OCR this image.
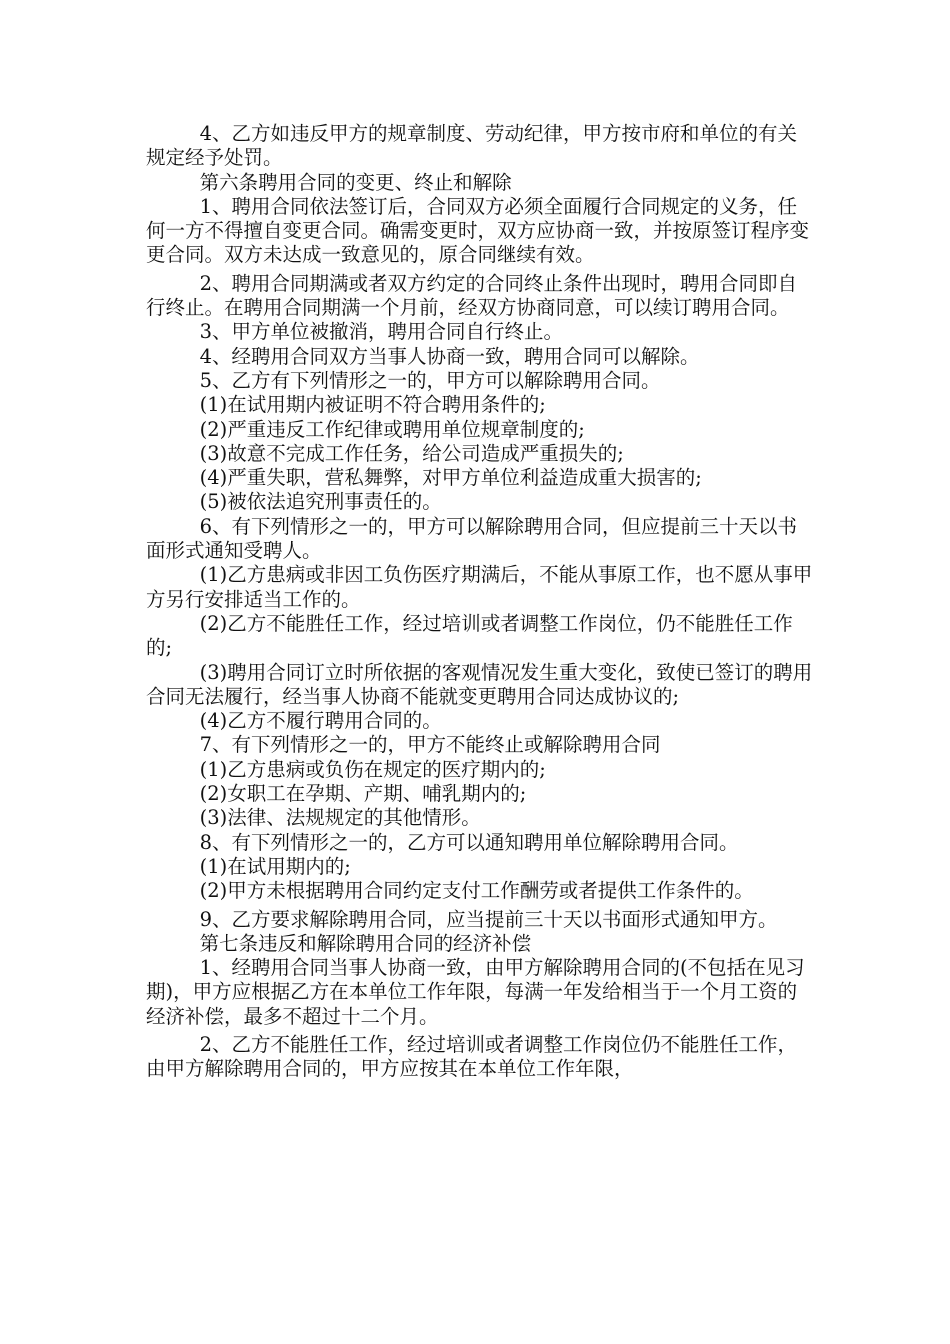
4、乙方如违反甲方的规章制度、劳动纪律，甲方按市府和单位的有关规定经予处罚。

第六条聘用合同的变更、终止和解除

1、聘用合同依法签订后，合同双方必须全面履行合同规定的义务，任何一方不得擅自变更合同。确需变更时，双方应协商一致，并按原签订程序变更合同。双方未达成一致意见的，原合同继续有效。

2、聘用合同期满或者双方约定的合同终止条件出现时，聘用合同即自行终止。在聘用合同期满一个月前，经双方协商同意，可以续订聘用合同。

3、甲方单位被撤消，聘用合同自行终止。

4、经聘用合同双方当事人协商一致，聘用合同可以解除。

5、乙方有下列情形之一的，甲方可以解除聘用合同。

(1)在试用期内被证明不符合聘用条件的;

(2)严重违反工作纪律或聘用单位规章制度的;

(3)故意不完成工作任务，给公司造成严重损失的;

(4)严重失职，营私舞弊，对甲方单位利益造成重大损害的;

(5)被依法追究刑事责任的。

6、有下列情形之一的，甲方可以解除聘用合同，但应提前三十天以书面形式通知受聘人。

(1)乙方患病或非因工负伤医疗期满后，不能从事原工作，也不愿从事甲方另行安排适当工作的。

(2)乙方不能胜任工作，经过培训或者调整工作岗位，仍不能胜任工作的;

(3)聘用合同订立时所依据的客观情况发生重大变化，致使已签订的聘用合同无法履行，经当事人协商不能就变更聘用合同达成协议的;

(4)乙方不履行聘用合同的。

7、有下列情形之一的，甲方不能终止或解除聘用合同

(1)乙方患病或负伤在规定的医疗期内的;

(2)女职工在孕期、产期、哺乳期内的;

(3)法律、法规规定的其他情形。

8、有下列情形之一的，乙方可以通知聘用单位解除聘用合同。

(1)在试用期内的;

(2)甲方未根据聘用合同约定支付工作酬劳或者提供工作条件的。

9、乙方要求解除聘用合同，应当提前三十天以书面形式通知甲方。

第七条违反和解除聘用合同的经济补偿

1、经聘用合同当事人协商一致，由甲方解除聘用合同的(不包括在见习期)，甲方应根据乙方在本单位工作年限，每满一年发给相当于一个月工资的经济补偿，最多不超过十二个月。

2、乙方不能胜任工作，经过培训或者调整工作岗位仍不能胜任工作，由甲方解除聘用合同的，甲方应按其在本单位工作年限，
